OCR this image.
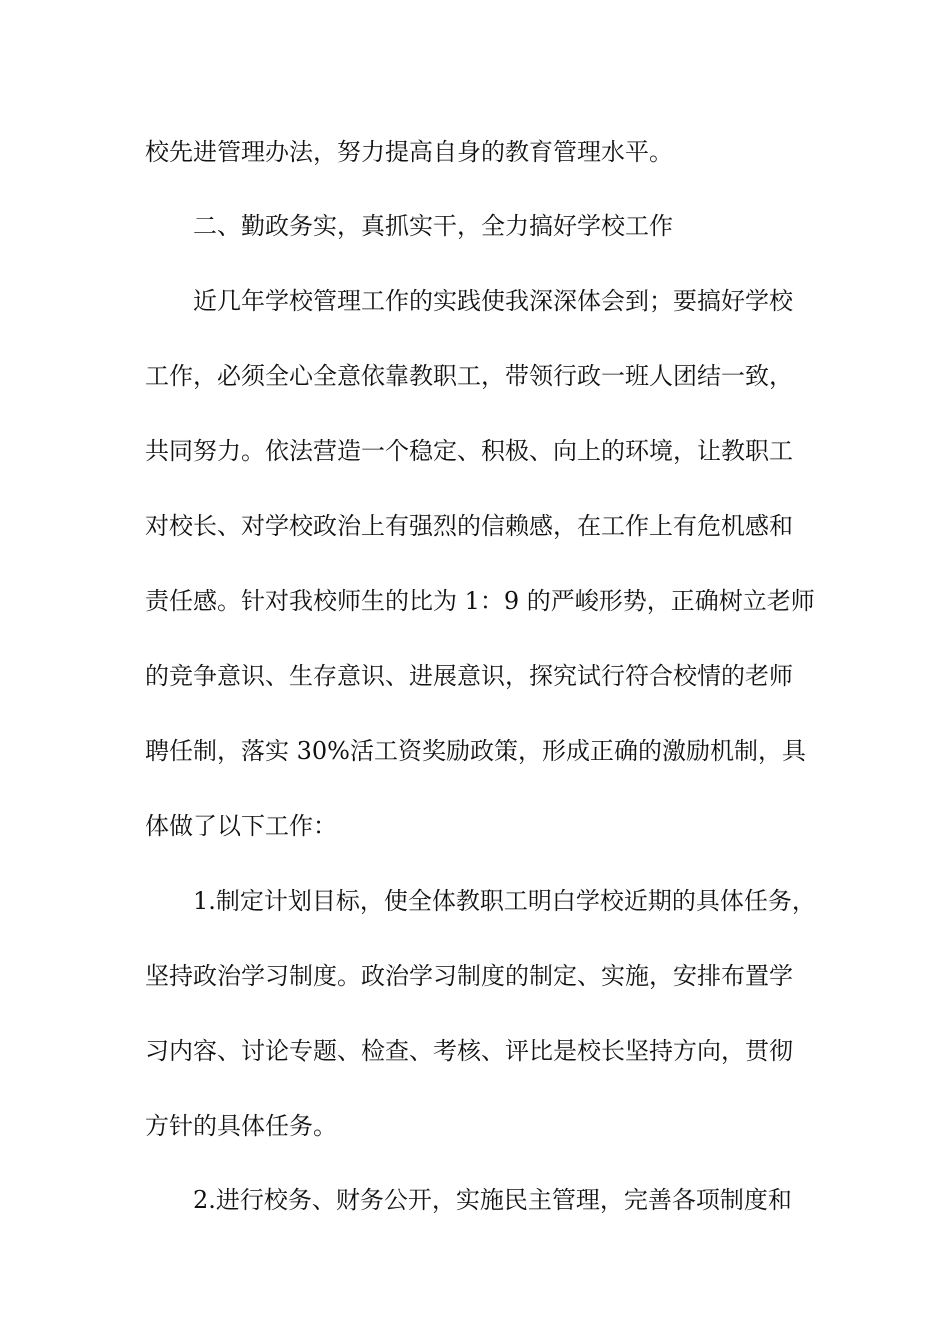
校先进管理办法，努力提高自身的教育管理水平。
二、勤政务实，真抓实干，全力搞好学校工作
近几年学校管理工作的实践使我深深体会到；要搞好学校
工作，必须全心全意依靠教职工，带领行政一班人团结一致，
共同努力。依法营造一个稳定、积极、向上的环境，让教职工
对校长、对学校政治上有强烈的信赖感，在工作上有危机感和
责任感。针对我校师生的比为 1：9 的严峻形势，正确树立老师
的竞争意识、生存意识、进展意识，探究试行符合校情的老师
聘任制，落实 30%活工资奖励政策，形成正确的激励机制，具
体做了以下工作：
1.制定计划目标，使全体教职工明白学校近期的具体任务，
坚持政治学习制度。政治学习制度的制定、实施，安排布置学
习内容、讨论专题、检查、考核、评比是校长坚持方向，贯彻
方针的具体任务。
2.进行校务、财务公开，实施民主管理，完善各项制度和
